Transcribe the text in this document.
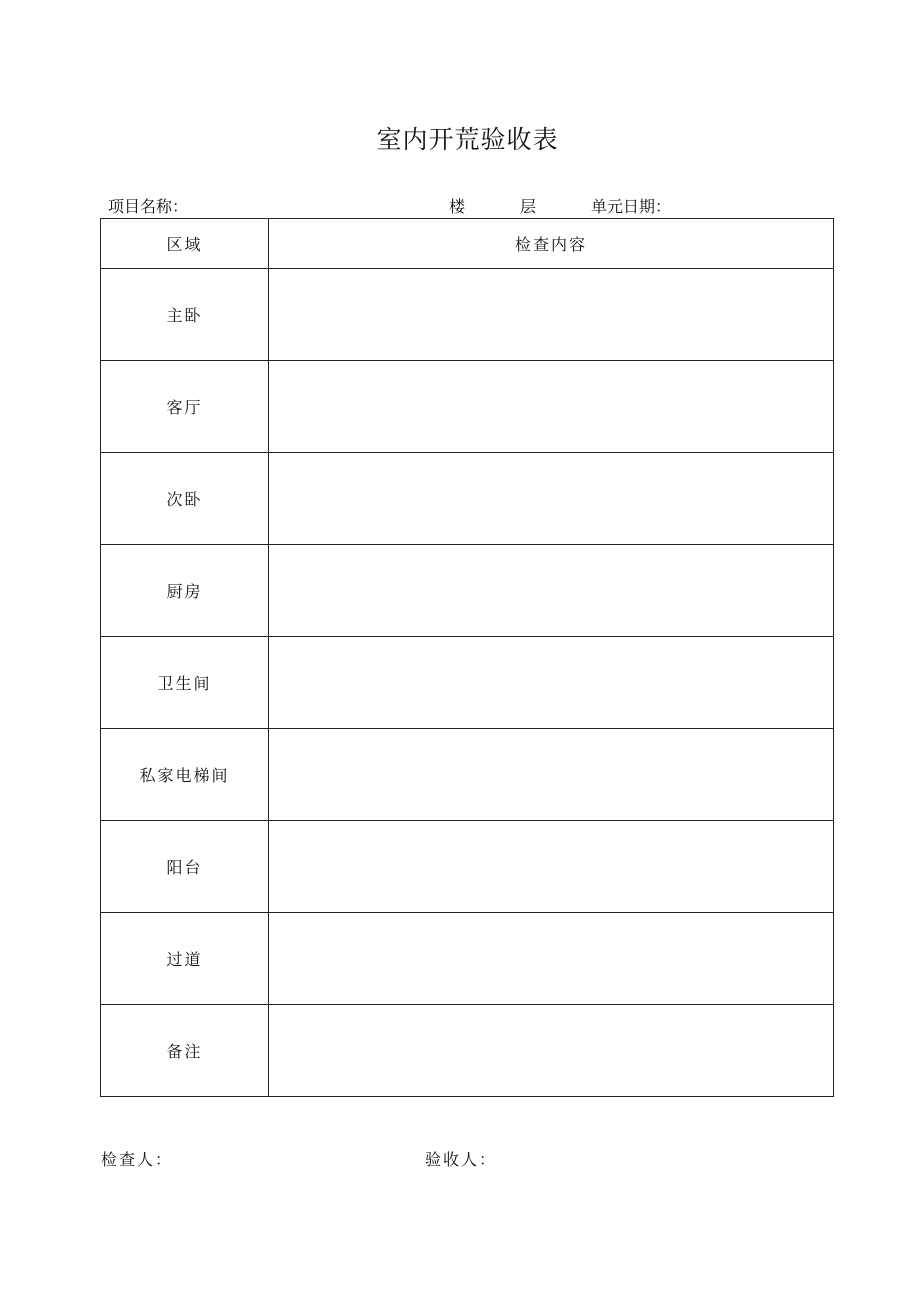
室内开荒验收表
项目名称：	楼	层	单元日期：
区域	检查内容
主卧	
客厅	
次卧	
厨房	
卫生间	
私家电梯间	
阳台	
过道	
备注	
检查人：	验收人：
